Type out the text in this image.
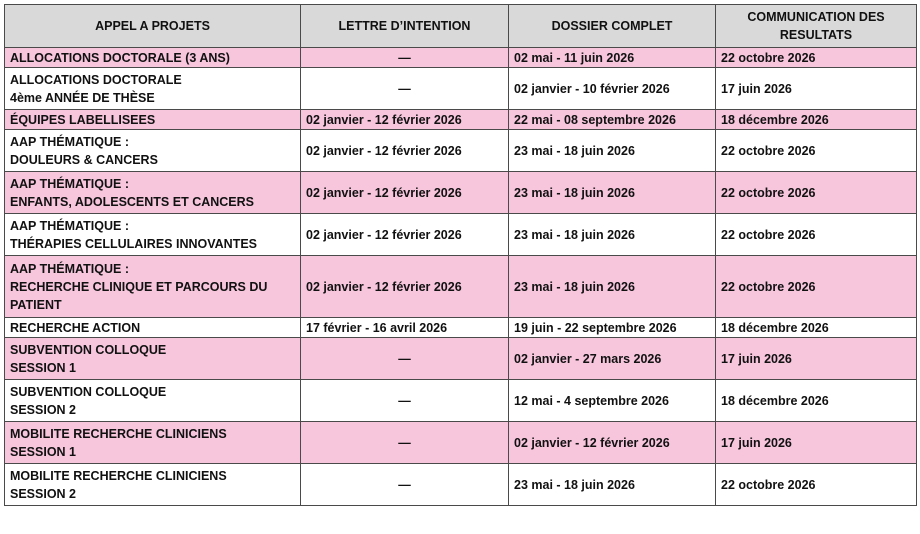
APPEL A PROJETS	LETTRE D’INTENTION	DOSSIER COMPLET	COMMUNICATION DES RESULTATS

ALLOCATIONS DOCTORALE (3 ANS)	—	02 mai - 11 juin 2026	22 octobre 2026

ALLOCATIONS DOCTORALE
4ème ANNÉE DE THÈSE	—	02 janvier - 10 février 2026	17 juin 2026

ÉQUIPES LABELLISEES	02 janvier - 12 février 2026	22 mai - 08 septembre 2026	18 décembre 2026

AAP THÉMATIQUE :
DOULEURS & CANCERS	02 janvier - 12 février 2026	23 mai - 18 juin 2026	22 octobre 2026

AAP THÉMATIQUE :
ENFANTS, ADOLESCENTS ET CANCERS	02 janvier - 12 février 2026	23 mai - 18 juin 2026	22 octobre 2026

AAP THÉMATIQUE :
THÉRAPIES CELLULAIRES INNOVANTES	02 janvier - 12 février 2026	23 mai - 18 juin 2026	22 octobre 2026

AAP THÉMATIQUE :
RECHERCHE CLINIQUE ET PARCOURS DU
PATIENT	02 janvier - 12 février 2026	23 mai - 18 juin 2026	22 octobre 2026

RECHERCHE ACTION	17 février - 16 avril 2026	19 juin - 22 septembre 2026	18 décembre 2026

SUBVENTION COLLOQUE
SESSION 1	—	02 janvier - 27 mars 2026	17 juin 2026

SUBVENTION COLLOQUE
SESSION 2	—	12 mai - 4 septembre 2026	18 décembre 2026

MOBILITE RECHERCHE CLINICIENS
SESSION 1	—	02 janvier - 12 février 2026	17 juin 2026

MOBILITE RECHERCHE CLINICIENS
SESSION 2	—	23 mai - 18 juin 2026	22 octobre 2026
